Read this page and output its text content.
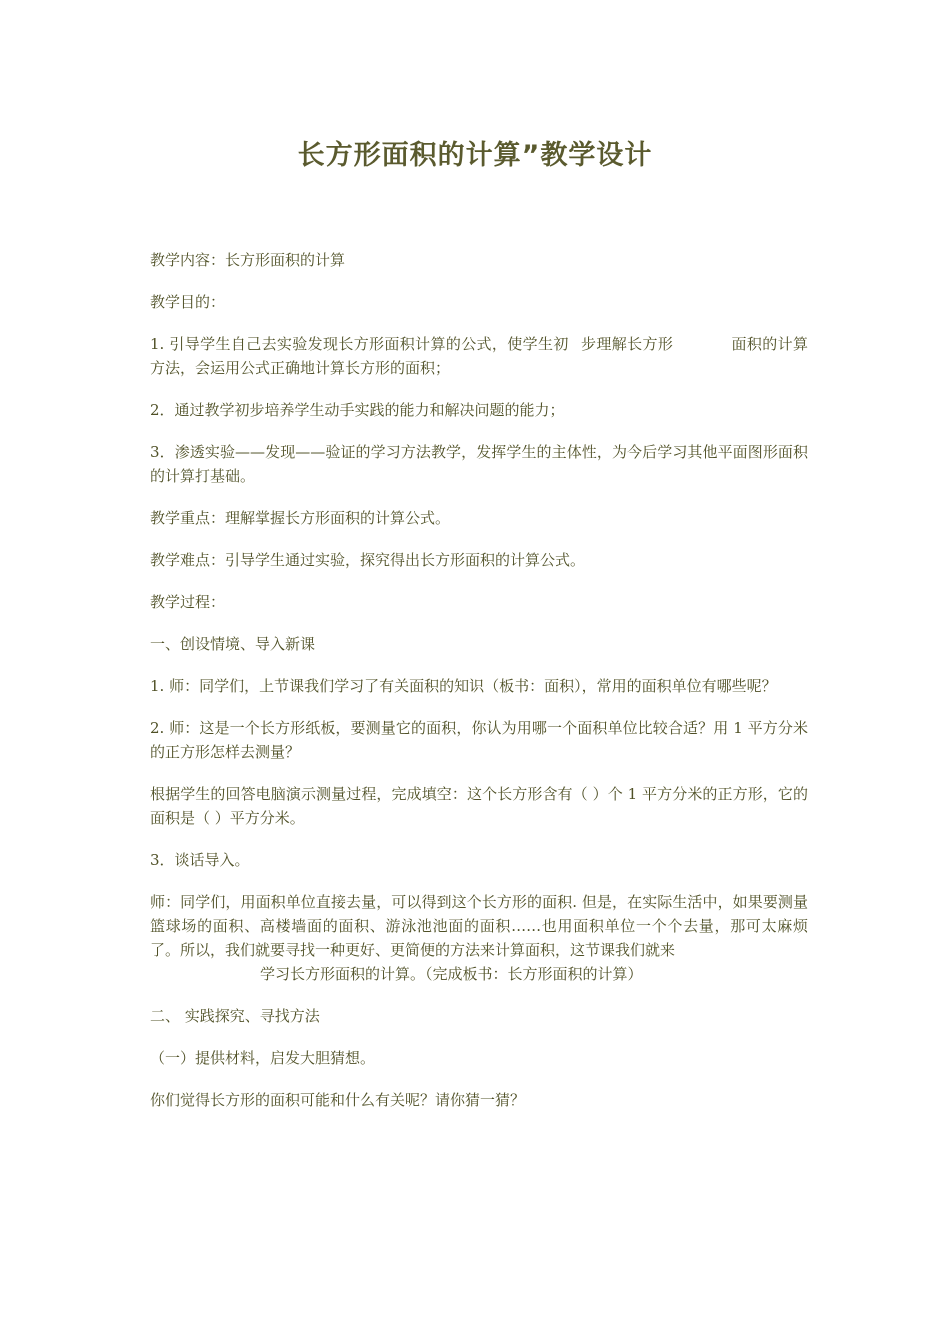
长方形面积的计算”教学设计

教学内容：长方形面积的计算

教学目的：

1. 引导学生自己去实验发现长方形面积计算的公式，使学生初 步理解长方形	面积的计算方法，会运用公式正确地计算长方形的面积；

2．通过教学初步培养学生动手实践的能力和解决问题的能力；

3．渗透实验——发现——验证的学习方法教学，发挥学生的主体性，为今后学习其他平面图形面积的计算打基础。

教学重点：理解掌握长方形面积的计算公式。

教学难点：引导学生通过实验，探究得出长方形面积的计算公式。

教学过程：

一、创设情境、导入新课

1. 师：同学们，上节课我们学习了有关面积的知识（板书：面积），常用的面积单位有哪些呢？

2. 师：这是一个长方形纸板，要测量它的面积，你认为用哪一个面积单位比较合适？用 1 平方分米的正方形怎样去测量？

根据学生的回答电脑演示测量过程，完成填空：这个长方形含有（ ）个 1 平方分米的正方形，它的面积是（ ）平方分米。

3．谈话导入。

师：同学们，用面积单位直接去量，可以得到这个长方形的面积. 但是，在实际生活中，如果要测量篮球场的面积、高楼墙面的面积、游泳池池面的面积……也用面积单位一个个去量，那可太麻烦了。所以，我们就要寻找一种更好、更简便的方法来计算面积，这节课我们就来
学习长方形面积的计算。（完成板书：长方形面积的计算）

二、 实践探究、寻找方法

（一）提供材料，启发大胆猜想。

你们觉得长方形的面积可能和什么有关呢？请你猜一猜？
